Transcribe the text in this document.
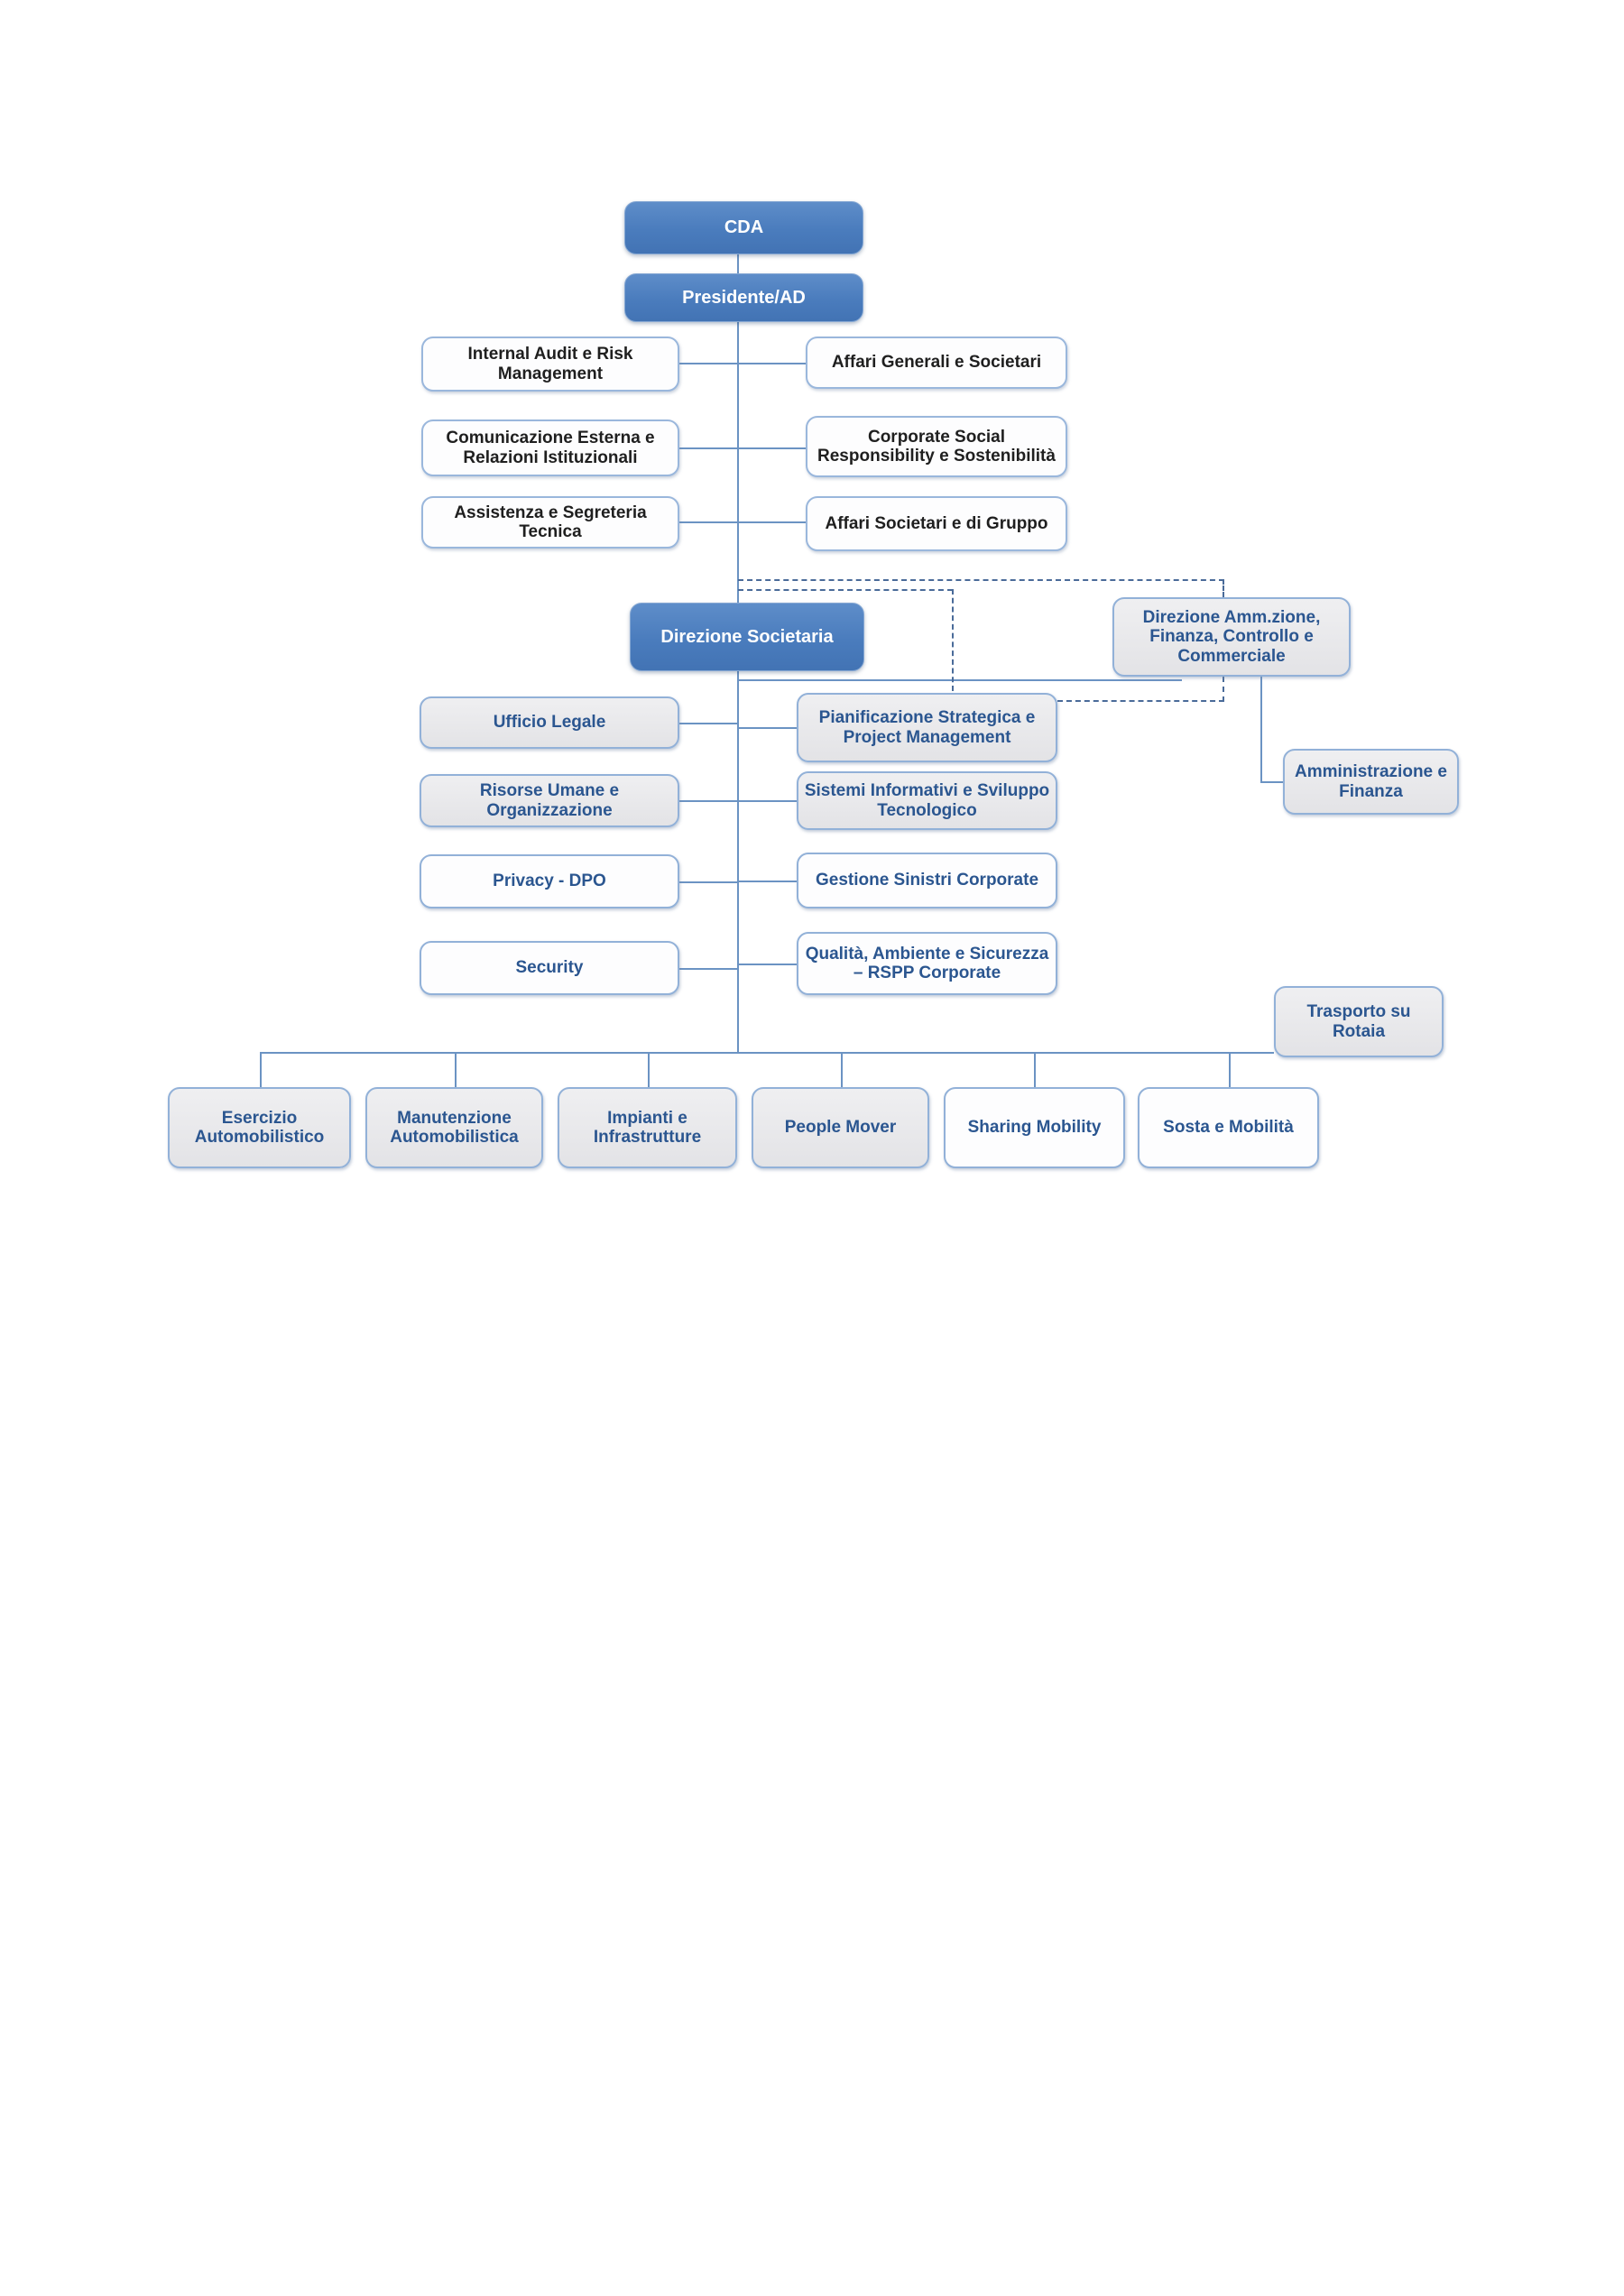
CDA
Presidente/AD
Internal Audit e Risk Management
Affari Generali e Societari
Comunicazione Esterna e Relazioni Istituzionali
Corporate Social Responsibility e Sostenibilità
Assistenza e Segreteria Tecnica	Affari Societari e di Gruppo
Direzione Societaria
Direzione Amm.zione, Finanza, Controllo e Commerciale
Ufficio Legale	Pianificazione Strategica e Project Management
Risorse Umane e Organizzazione
Sistemi Informativi e Sviluppo Tecnologico
Privacy - DPO	Gestione Sinistri Corporate
Security
Qualità, Ambiente e Sicurezza – RSPP Corporate
Amministrazione e Finanza
Trasporto su Rotaia
Esercizio Automobilistico
Manutenzione Automobilistica
Impianti e Infrastrutture
People Mover	Sharing Mobility	Sosta e Mobilità
